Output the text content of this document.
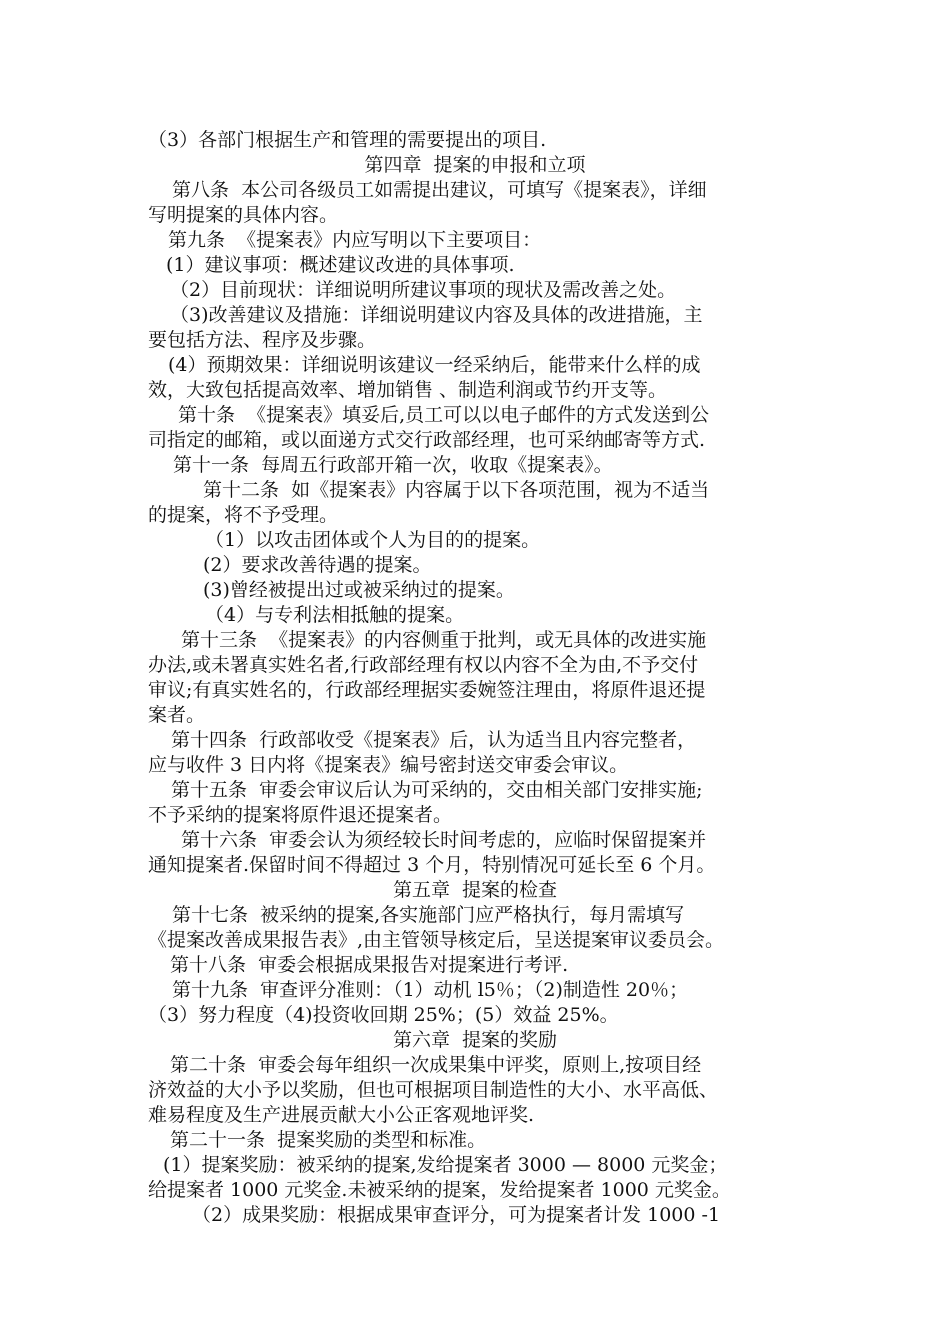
（3）各部门根据生产和管理的需要提出的项目.
第四章  提案的申报和立项
第八条  本公司各级员工如需提出建议，可填写《提案表》，详细
写明提案的具体内容。
第九条  《提案表》内应写明以下主要项目：
(1）建议事项：概述建议改进的具体事项.
（2）目前现状：详细说明所建议事项的现状及需改善之处。
（3)改善建议及措施：详细说明建议内容及具体的改进措施，主
要包括方法、程序及步骤。
(4）预期效果：详细说明该建议一经采纳后，能带来什么样的成
效，大致包括提高效率、增加销售 、制造利润或节约开支等。
第十条  《提案表》填妥后,员工可以以电子邮件的方式发送到公
司指定的邮箱，或以面递方式交行政部经理，也可采纳邮寄等方式.
第十一条  每周五行政部开箱一次，收取《提案表》。
第十二条  如《提案表》内容属于以下各项范围，视为不适当
的提案，将不予受理。
（1）以攻击团体或个人为目的的提案。
(2）要求改善待遇的提案。
(3)曾经被提出过或被采纳过的提案。
（4）与专利法相抵触的提案。
第十三条  《提案表》的内容侧重于批判，或无具体的改进实施
办法,或未署真实姓名者,行政部经理有权以内容不全为由,不予交付
审议;有真实姓名的，行政部经理据实委婉签注理由，将原件退还提
案者。
第十四条  行政部收受《提案表》后，认为适当且内容完整者，
应与收件 3 日内将《提案表》编号密封送交审委会审议。
第十五条  审委会审议后认为可采纳的，交由相关部门安排实施;
不予采纳的提案将原件退还提案者。
第十六条  审委会认为须经较长时间考虑的，应临时保留提案并
通知提案者.保留时间不得超过 3 个月，特别情况可延长至 6 个月。
第五章  提案的检查
第十七条  被采纳的提案,各实施部门应严格执行，每月需填写
《提案改善成果报告表》,由主管领导核定后，呈送提案审议委员会。
第十八条  审委会根据成果报告对提案进行考评.
第十九条  审查评分准则：（1）动机 l5％；（2)制造性 20％；
（3）努力程度（4)投资收回期 25%；(5）效益 25%。
第六章  提案的奖励
第二十条  审委会每年组织一次成果集中评奖，原则上,按项目经
济效益的大小予以奖励，但也可根据项目制造性的大小、水平高低、
难易程度及生产进展贡献大小公正客观地评奖.
第二十一条  提案奖励的类型和标准。
(1）提案奖励：被采纳的提案,发给提案者 3000 — 8000 元奖金；
给提案者 1000 元奖金.未被采纳的提案，发给提案者 1000 元奖金。
（2）成果奖励：根据成果审查评分，可为提案者计发 1000 -1
